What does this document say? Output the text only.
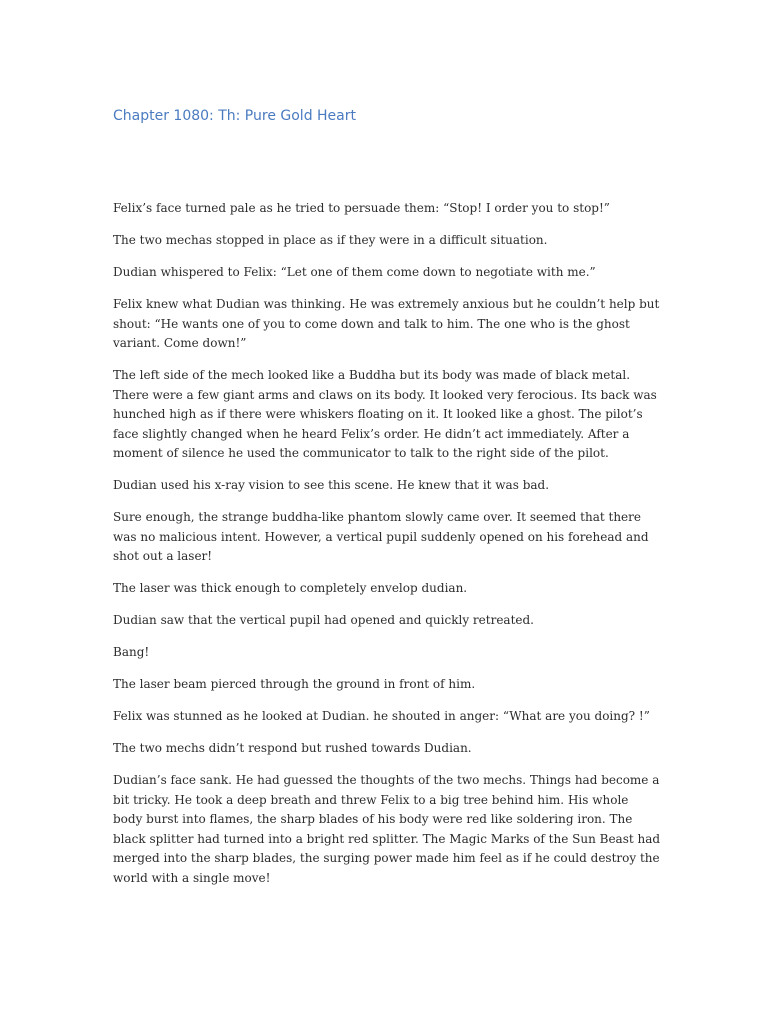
Chapter 1080: Th: Pure Gold Heart

Felix’s face turned pale as he tried to persuade them: “Stop! I order you to stop!”

The two mechas stopped in place as if they were in a difficult situation.

Dudian whispered to Felix: “Let one of them come down to negotiate with me.”

Felix knew what Dudian was thinking. He was extremely anxious but he couldn’t help but shout: “He wants one of you to come down and talk to him. The one who is the ghost variant. Come down!”

The left side of the mech looked like a Buddha but its body was made of black metal. There were a few giant arms and claws on its body. It looked very ferocious. Its back was hunched high as if there were whiskers floating on it. It looked like a ghost. The pilot’s face slightly changed when he heard Felix’s order. He didn’t act immediately. After a moment of silence he used the communicator to talk to the right side of the pilot.

Dudian used his x-ray vision to see this scene. He knew that it was bad.

Sure enough, the strange buddha-like phantom slowly came over. It seemed that there was no malicious intent. However, a vertical pupil suddenly opened on his forehead and shot out a laser!

The laser was thick enough to completely envelop dudian.

Dudian saw that the vertical pupil had opened and quickly retreated.

Bang!

The laser beam pierced through the ground in front of him.

Felix was stunned as he looked at Dudian. he shouted in anger: “What are you doing? !”

The two mechs didn’t respond but rushed towards Dudian.

Dudian’s face sank. He had guessed the thoughts of the two mechs. Things had become a bit tricky. He took a deep breath and threw Felix to a big tree behind him. His whole body burst into flames, the sharp blades of his body were red like soldering iron. The black splitter had turned into a bright red splitter. The Magic Marks of the Sun Beast had merged into the sharp blades, the surging power made him feel as if he could destroy the world with a single move!
